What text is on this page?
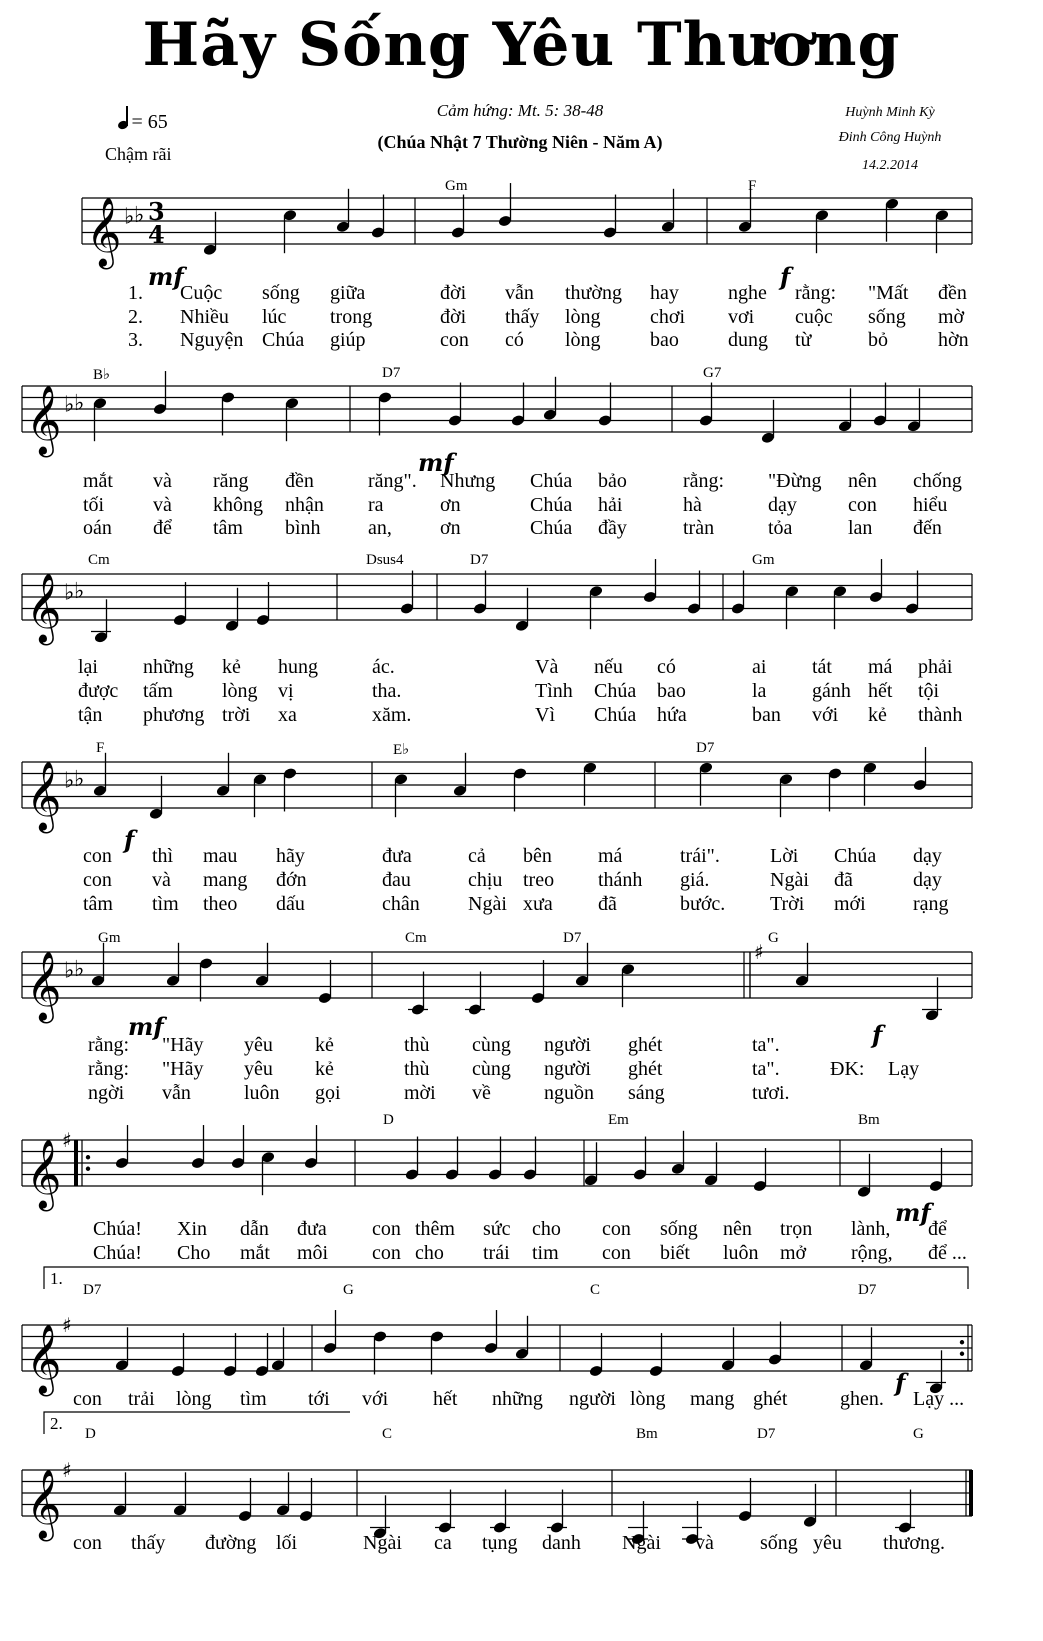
Hãy Sống Yêu Thương
= 65
Chậm rãi
Cảm hứng: Mt. 5: 38-48
(Chúa Nhật 7 Thường Niên - Năm A)
Huỳnh Minh Kỳ
Đinh Công Huỳnh
14.2.2014
𝄞 ♭ ♭ 3
4
𝄞 ♭ ♭
𝄞 ♭ ♭
𝄞 ♭ ♭
𝄞 ♭ ♭
♯
𝄞 ♯
𝄞 ♯
𝄞 ♯
Gm	F
1. Cuộc sống giữa	đời vẫn thường hay nghe rằng: "Mất đền
2. Nhiều lúc trong	đời thấy lòng chơi vơi cuộc sống mờ
3. Nguyện Chúa giúp	con có lòng bao dung từ	bỏ	hờn
mf	f
B♭	D7	G7
mắt và răng đền	răng". Nhưng Chúa bảo	rằng: "Đừng nên chống
tối và không nhận ra	ơn	Chúa hải	hà	dạy	con hiểu
oán để tâm bình an, ơn	Chúa đầy	tràn	tỏa	lan đến
mf
Cm	Dsus4	D7	Gm
lại những kẻ hung	ác.	Và nếu có	ai tát má phải
được tấm lòng vị	tha.	Tình Chúa bao	la gánh hết tội
tận phương trời xa	xăm.	Vì Chúa hứa	ban với kẻ thành
F	E♭	D7
con thì mau hãy	đưa	cả bên má	trái".	Lời Chúa dạy
con và mang đớn	đau	chịu treo thánh giá.	Ngài đã	dạy
tâm tìm theo dấu	chân Ngài xưa đã	bước. Trời mới rạng
f
Gm	Cm	D7	G
rằng: "Hãy yêu kẻ	thù cùng người ghét	ta".
rằng: "Hãy yêu kẻ	thù cùng người ghét	ta".	ĐK: Lạy
ngời vẫn	luôn gọi	mời về	nguồn sáng	tươi.
mf	f
D	Em	Bm
Chúa! Xin dẫn đưa con thêm sức cho con sống nên trọn lành, để
Chúa! Cho mắt môi con cho trái tim con biết luôn mở rộng, để ...
mf
1.
D7	G	C	D7
con trải lòng tìm tới với hết những người lòng mang ghét	ghen. Lạy ...
f
2.
D	C	Bm	D7	G
con thấy đường lối	Ngài ca tụng danh Ngài và sống yêu thương.
